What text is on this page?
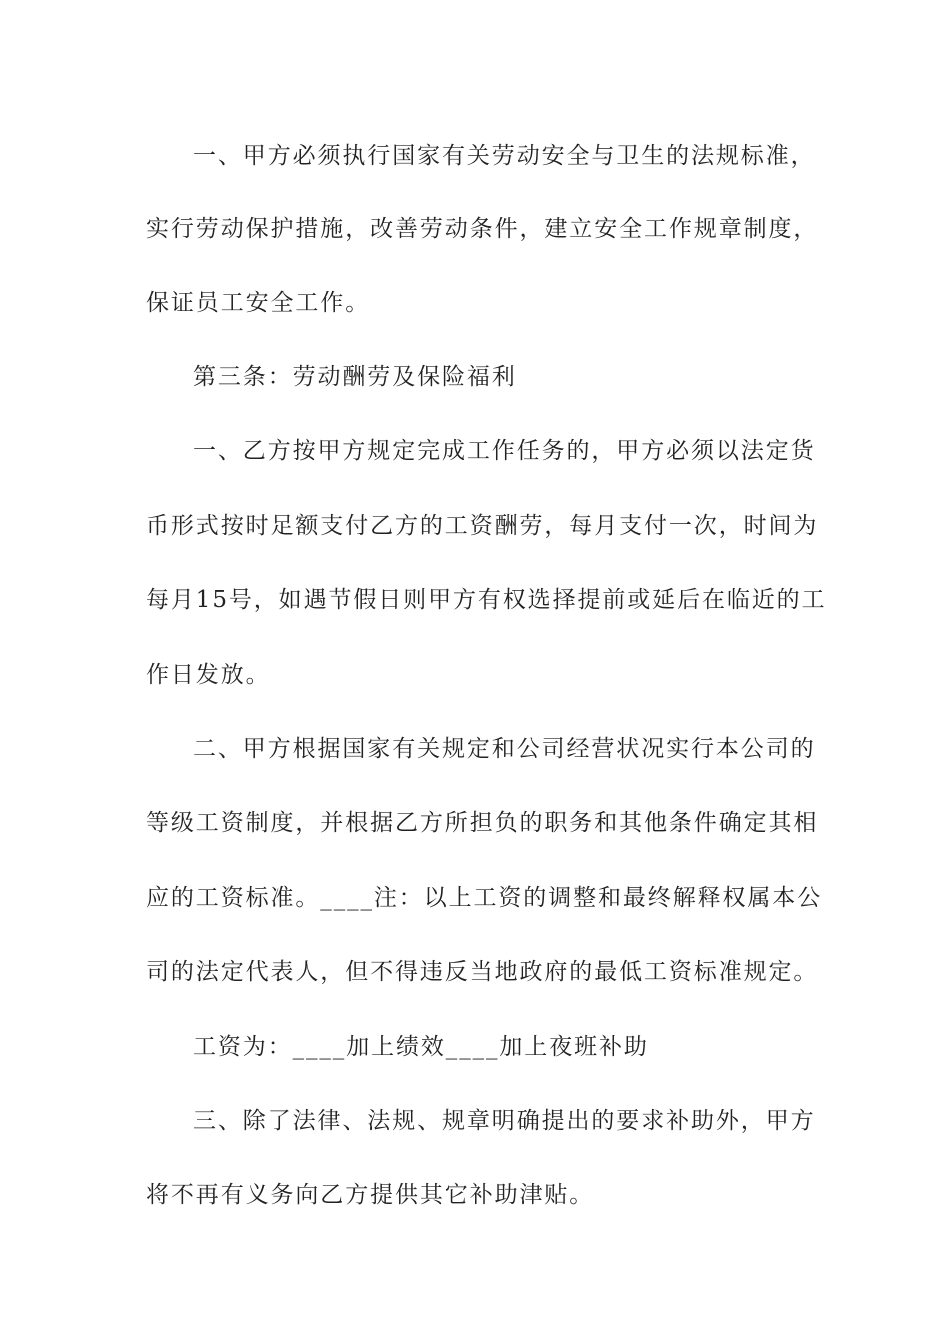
一、甲方必须执行国家有关劳动安全与卫生的法规标准，
实行劳动保护措施，改善劳动条件，建立安全工作规章制度，
保证员工安全工作。
第三条：劳动酬劳及保险福利
一、乙方按甲方规定完成工作任务的，甲方必须以法定货
币形式按时足额支付乙方的工资酬劳，每月支付一次，时间为
每月15号，如遇节假日则甲方有权选择提前或延后在临近的工
作日发放。
二、甲方根据国家有关规定和公司经营状况实行本公司的
等级工资制度，并根据乙方所担负的职务和其他条件确定其相
应的工资标准。____注：以上工资的调整和最终解释权属本公
司的法定代表人，但不得违反当地政府的最低工资标准规定。
工资为：____加上绩效____加上夜班补助
三、除了法律、法规、规章明确提出的要求补助外，甲方
将不再有义务向乙方提供其它补助津贴。
